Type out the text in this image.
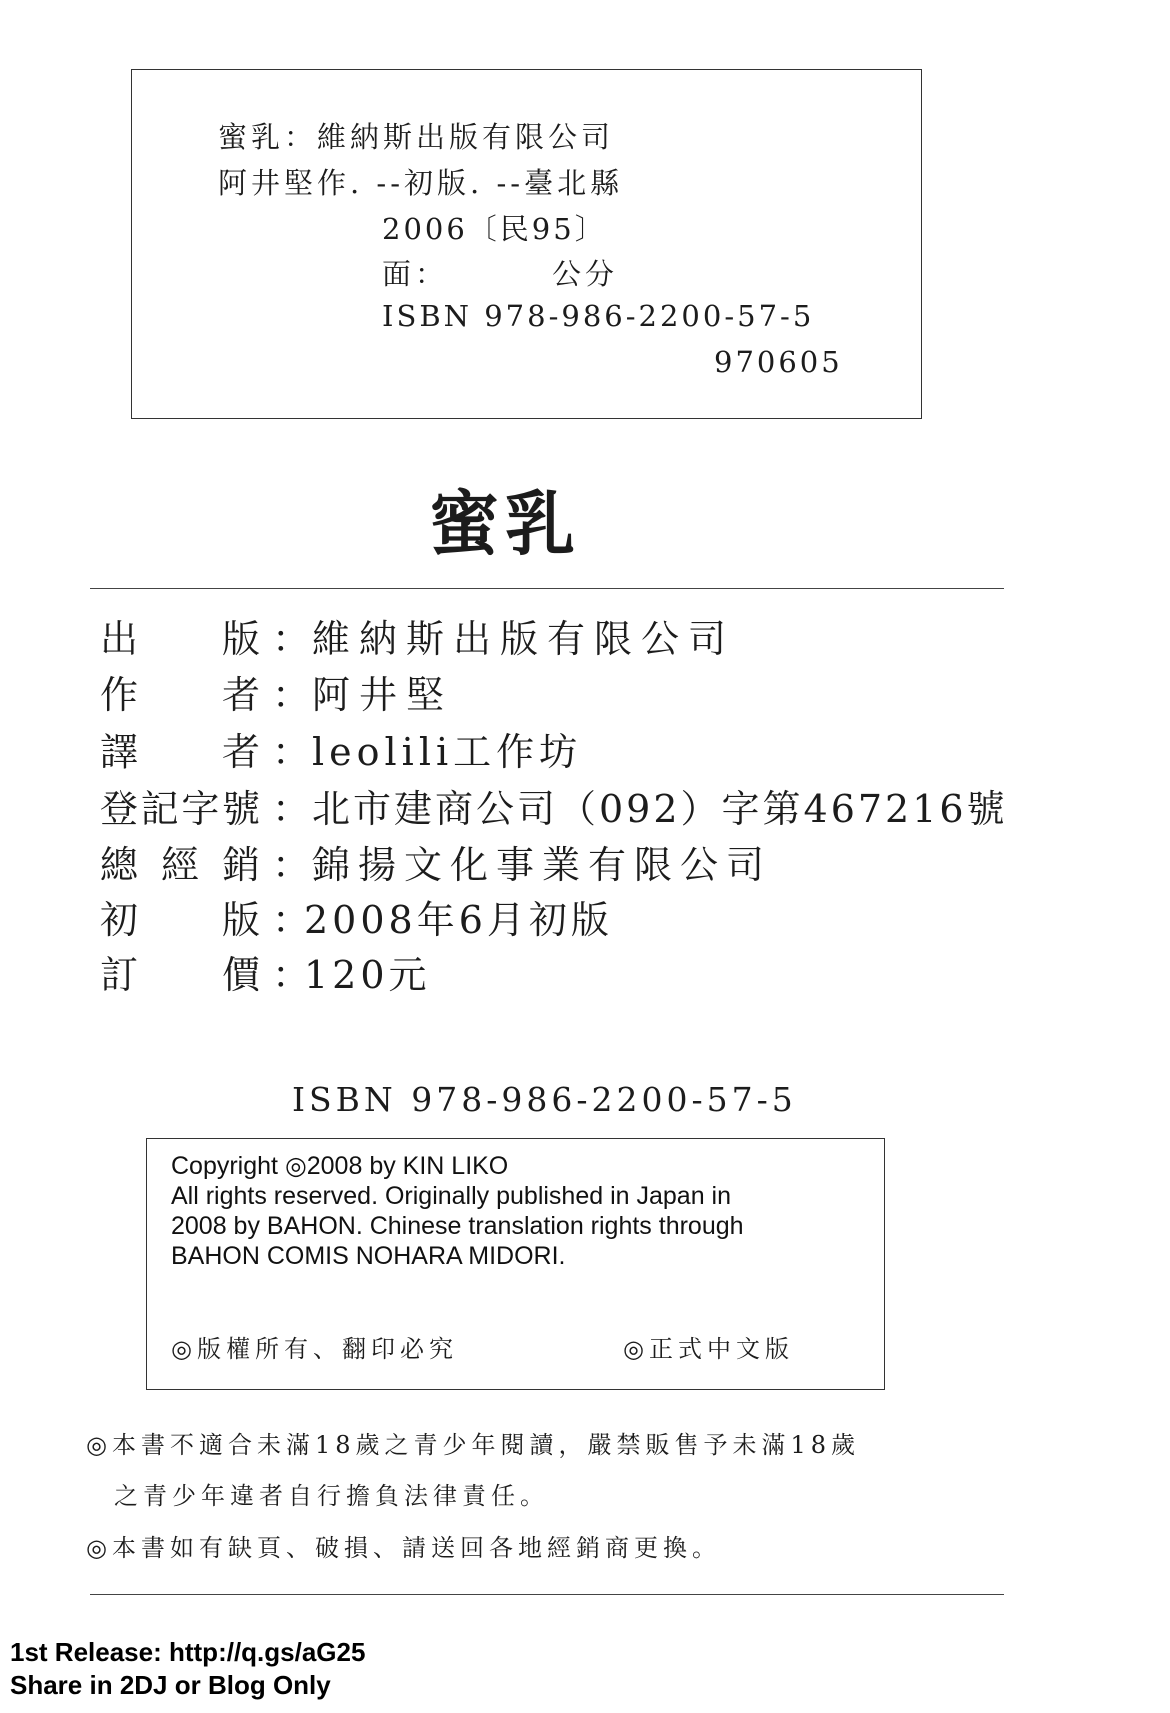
蜜乳：維納斯出版有限公司
阿井堅作. --初版. --臺北縣
2006〔民95〕
面：	公分
ISBN 978-986-2200-57-5
970605
蜜乳
出 版 ： 維納斯出版有限公司
作 者 ： 阿井堅
譯 者 ： leolili工作坊
登 記 字 號 ： 北市建商公司（092）字第467216號
總 經 銷 ： 錦揚文化事業有限公司
初 版 ：
2008年6月初版
訂 價 ：
120元
ISBN 978-986-2200-57-5
Copyright ◎2008 by KIN LIKO
All rights reserved. Originally published in Japan in
2008 by BAHON. Chinese translation rights through
BAHON COMIS NOHARA MIDORI.
◎版權所有、翻印必究	◎正式中文版
◎本書不適合未滿18歲之青少年閱讀，嚴禁販售予未滿18歲
之青少年違者自行擔負法律責任。
◎本書如有缺頁、破損、請送回各地經銷商更換。
1st Release: http://q.gs/aG25
Share in 2DJ or Blog Only
